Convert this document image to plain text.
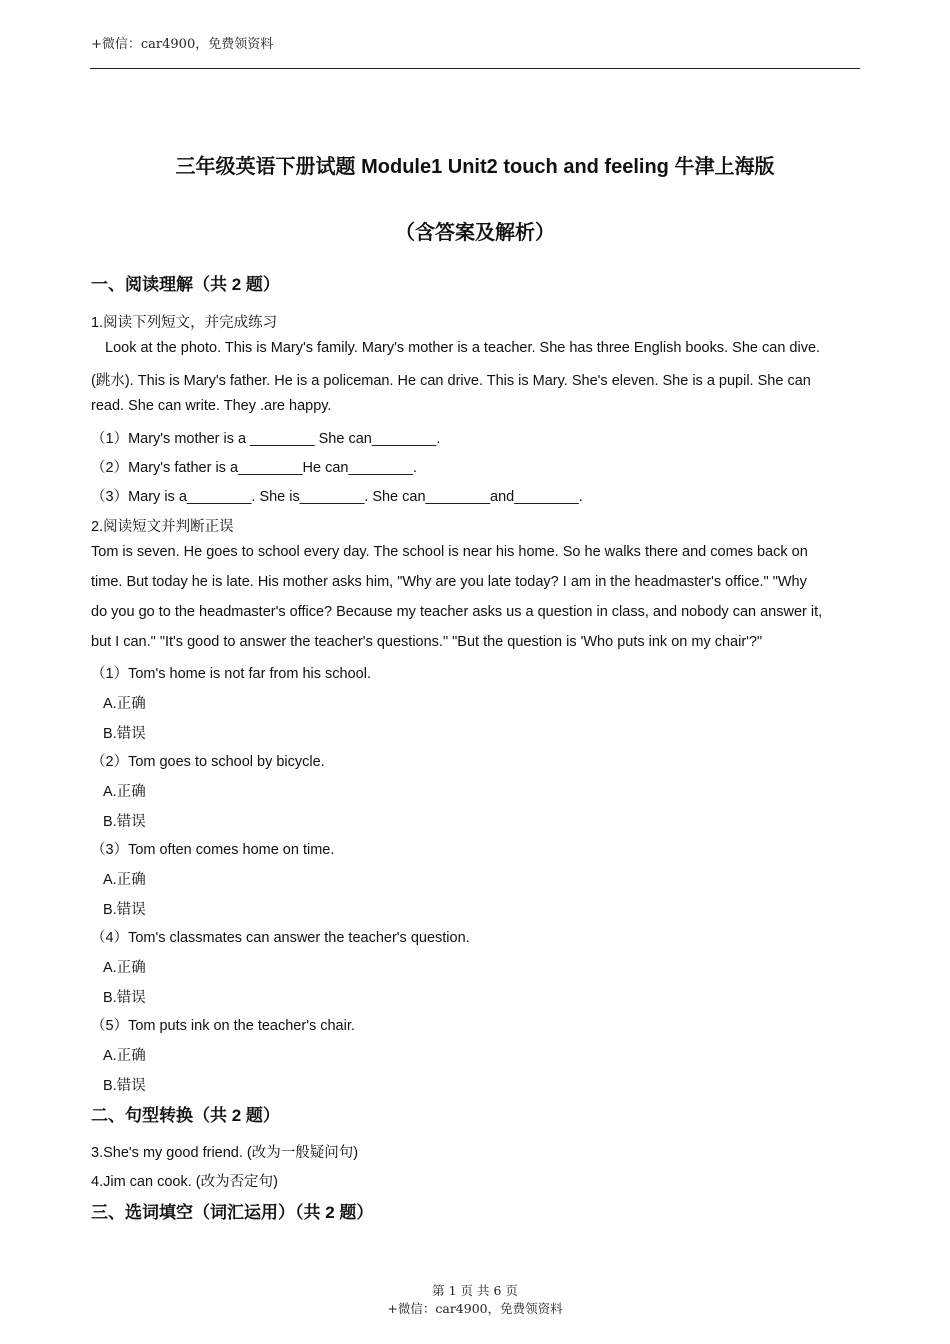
+微信：car4900，免费领资料
三年级英语下册试题 Module1 Unit2 touch and feeling 牛津上海版
（含答案及解析）
一、阅读理解（共 2 题）
1.阅读下列短文，并完成练习
Look at the photo. This is Mary's family. Mary's mother is a teacher. She has three English books. She can dive.
(跳水). This is Mary's father. He is a policeman. He can drive. This is Mary. She's eleven. She is a pupil. She can
read. She can write. They .are happy.
（1）Mary's mother is a ________ She can________.
（2）Mary's father is a________He can________.
（3）Mary is a________. She is________. She can________and________.
2.阅读短文并判断正误
Tom is seven. He goes to school every day. The school is near his home. So he walks there and comes back on
time. But today he is late. His mother asks him, "Why are you late today? I am in the headmaster's office." "Why
do you go to the headmaster's office? Because my teacher asks us a question in class, and nobody can answer it,
but I can." "It's good to answer the teacher's questions." "But the question is 'Who puts ink on my chair'?"
（1）Tom's home is not far from his school.
A.正确
B.错误
（2）Tom goes to school by bicycle.
A.正确
B.错误
（3）Tom often comes home on time.
A.正确
B.错误
（4）Tom's classmates can answer the teacher's question.
A.正确
B.错误
（5）Tom puts ink on the teacher's chair.
A.正确
B.错误
二、句型转换（共 2 题）
3.She's my good friend. (改为一般疑问句)
4.Jim can cook. (改为否定句)
三、选词填空（词汇运用）（共 2 题）
第 1 页 共 6 页
+微信：car4900，免费领资料
